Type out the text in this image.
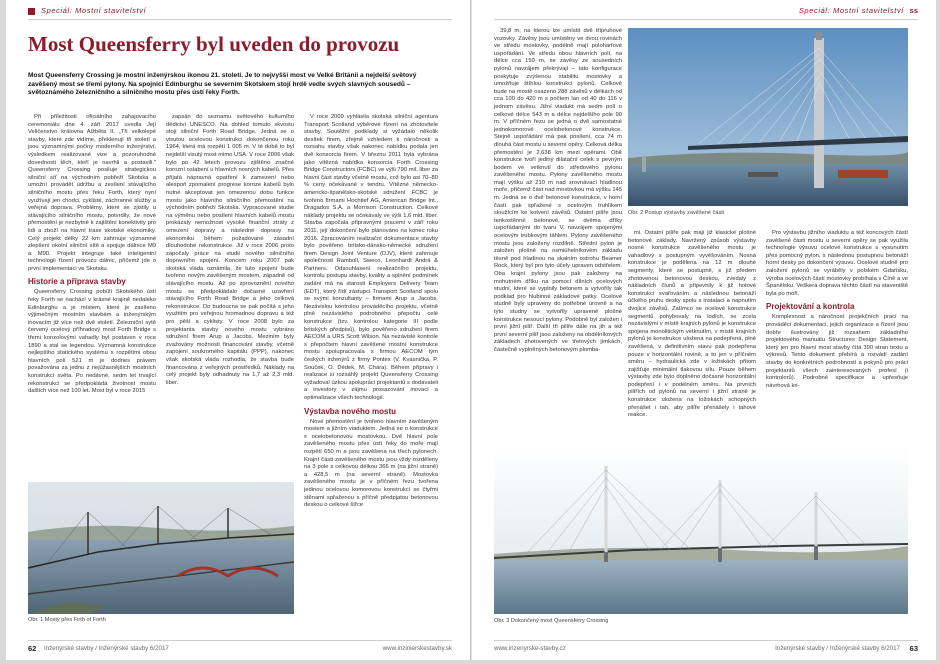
Speciál: Mostní stavitelství
Most Queensferry byl uveden do provozu
Most Queensferry Crossing je mostní inženýrskou ikonou 21. století. Je to nejvyšší most ve Velké Británii a nejdelší světový zavěšený most se třemi pylony. Na spojnici Edinburghu se severním Skotskem stojí hrdě vedle svých slavných sousedů – světoznámého železničního a silničního mostu přes ústí řeky Forth.

Při příležitosti oficiálního zahajovacího ceremoniálu dne 4. září 2017 uvedla Její Veličenstvo královna Alžběta II. „Tři velkolepé stavby, které zde vidíme, překlenují tři století a jsou významnými počiny moderního inženýrství, výsledkem realizované vize a pozoruhodné dovednosti těch, kteří je navrhli a postavili." Queensferry Crossing posiluje strategickou silniční síť na východním pobřeží Skotska a umožní provádět údržbu a zesílení stávajícího silničního mostu přes řeku Forth, který nyní využívají jen chodci, cyklisté, záchranné služby a veřejná doprava. Problémy, které se zjistily u stávajícího silničního mostu, potvrdily, že nové přemostění je nezbytné k zajištění konektivity pro lidi a zboží na hlavní trase skotské ekonomiky. Celý projekt délky 22 km zahrnuje významné zlepšení okolní silniční sítě a spojuje dálnice M9 a M90. Projekt integruje také inteligentní technologii řízení provozu dálnic, přičemž jde o první implementaci ve Skotsku.

Historie a příprava stavby

Queensferry Crossing pobíží Skotského ústí řeky Forth se nachází v krásné krajině nedaleko Edinburghu a je místem, které je zasíleno výjimečným mostním stavbám a inženýrským inovacím již více než dvě století. Železniční sytě červený ocelový příhradový most Forth Bridge s třemi konzolovými vahadly byl postaven v roce 1890 a stal se legendou. Významná konstrukce nejlepšího statického systému s rozpětími obou hlavních polí 521 m je dodnes právem považována za jednu z nejúžasnějších mostních konstrukcí světa. Po nedávné, sedm let trvající rekonstrukci se předpokládá životnost mostu dalších více než 100 let. Most byl v roce 2015

zapsán do seznamu světového kulturního dědictví UNESCO. Na dohled tomuto skvostu stojí silniční Forth Road Bridge. Jedná se o visutou ocelovou konstrukci dokončenou roku 1964, která má rozpětí 1 005 m. V té době to byl nejdelší visutý most mimo USA. V roce 2006 však bylo po 42 letech provozu zjištěno značné korozní oslabení u hlavních nosných kabelů. Přes přijatá nápravná opatření k zamezení nebo alespoň zpomalení progrese koroze kabelů bylo nutné akceptovat jen omezenou dobu funkce mostu jako hlavního silničního přemostění na východním pobřeží Skotska. Vypracované studie na výměnu nebo posílení hlavních kabelů mostu prokázaly nemožnost vysoké finanční ztráty z omezení dopravy a následné dopravy na ekonomiku během požadované zásadní dlouhodobé rekonstrukce. Již v roce 2006 proto započaly práce na studii nového silničního dopravního spojení. Koncem roku 2007 pak skotská vláda oznámila, že tuto spojení bude tvořeno novým zavěšeným mostem, západně od stávajícího mostu. Až po zprovoznění nového mostu se předpokládalo dočasné uzavření stávajícího Forth Road Bridge a jeho celková rekonstrukce. Do budoucna se pak počítá s jeho využitím pro veřejnou hromadnou dopravu a též pro pěší a cyklisty. V roce 2008 bylo za projektanta stavby nového mostu vybráno sdružení firem Arup a Jacobs. Meziním byly zvažovány možnosti financování stavby, včetně zapojení soukromého kapitálu (PPP), nakonec však skotská vláda rozhodla, že stavba bude financována z veřejných prostředků. Náklady na celý projekt byly odhadnuty na 1,7 až 2,3 mld. liber.

V roce 2009 vyhlásila skotská silniční agentura Transport Scotland výběrové řízení na zhotovitele stavby. Soutěžní podklady si vyžádalo několik desítek firem, zřejmě vzhledem k náročnosti a rozsahu stavby však nakonec nabídku podala jen dvě konsorcia firem. V březnu 2011 byla vybrána jako vítězná nabídka konsorcia Forth Crossing Bridge Constructors (FCBC) ve výši 790 mil. liber za hlavní část stavby včetně mostu, což bylo asi 70–80 % ceny očekávané v tendru. Vítězné německo-americko-španělsko-skotské sdružení FCBC je tvořeno firmami Hochtief AG, American Bridge Int., Dragados S.A. a Morrison Construction. Celkové náklady projektu se očekávaly ve výši 1,6 mld. liber. Stavba započala připravnými pracemi v září roku 2011, její dokončení bylo plánováno na konec roku 2016. Zpracováním realizační dokumentace stavby bylo pověřeno britsko-dánsko-německé sdružení firem Design Joint Venture (DJV), které zahrnuje společnosti Ramboll, Sweco, Leonhardt Andrä & Partners. Odsouhlasení realizačního projektu, kontrolu postupu stavby, kvality a splnění podmínek zadání má na starosti Employers Delivery Team (EDT), který řídí zástupci Transport Scotland spolu se svými konzultanty – firmami Arup a Jacobs. Nezávislou kontrolou prováděcího projektu, včetně plně nezávislého podrobného přepočtu celé konstrukce (tzv. kontrolou kategorie III podle britských předpisů), bylo pověřeno sdružení firem AECOM a URS Scott Wilson. Na nezávislé kontrole s přepočtem hlavní zavěšené mostní konstrukce mostu spolupracovala s firmou AECOM tým českých inženýrů z firmy Pontex (V. Kvasnička, P. Souček, O. Dědek, M. Chára). Během přípravy i realizace si rozsáhlý projekt Queensferry Crossing vyžadoval úzkou spolupráci projektantů s dodavateli a investory v zájmu prosazování inovací a optimalizace všech technologií.

Výstavba nového mostu

Nové přemostění je tvořeno hlavním zavěšeným mostem a jižním viaduktem. Jedná se o konstrukce s ocelobetonovou mostovkou. Dvě hlavní pole zavěšeného mostu přes ústí řeky do moře mají rozpětí 650 m a jsou zavěšena na třech pylonech. Krajní části zavěšeného mostu jsou vždy rozděleny na 3 pole s celkovou délkou 366 m (na jižní straně) a 428,5 m (na severní straně). Mostovka zavěšeného mostu je v příčném řezu tvořena jedinou ocelovou komorovou konstrukcí se čtyřmi stěnami spřaženou s příčně předpjatou betonovou deskou o celkové šířce

Obr. 1 Mosty přes Firth of Forth
62 Inženýrské stavby / Inženýrské stavby 6/2017	www.inzinierskestavby.sk
Speciál: Mostní stavitelství ss

39,8 m, na kterou lze umístit dvě třípruhové vozovky. Závěsy jsou umístěny ve dvou rovinách ve středu mostovky, podélně mají poloharfové uspořádání. Ve středu obou hlavních polí, na délce cca 150 m, se závěsy ze sousedních pylonů navzájem překrývají – tato konfigurace poskytuje zvýšenou stabilitu mostovky a umožňuje štíhlou konstrukci pylonů. Celkově bude na mostě osazeno 288 závěsů v délkách od cca 100 do 420 m s počtem lan od 40 do 116 v jednom závěsu. Jižní viadukt má sedm polí o celkové délce 543 m a délce nejdelšího pole 90 m. V příčném řezu se jedná o dvě samostatné jednokomorové ocelobetonové konstrukce. Stejně uspořádání má pak posílení, cca 74 m dlouhá část mostu u severní opěry. Celková délka přemostění je 2,638 km mezi opěrami. Obě konstrukce tvoří jediný dilatační celek s pevným bodem ve vetknutí do středového pylonu zavěšeného mostu. Pylony zavěšeného mostu mají výšku až 210 m nad srovnávací hladinou moře, přičemž část nad mostovkou má výšku 145 m. Jedná se o dvě betonové konstrukce, v horní části pak spřažené s ocelovým truhlíkem sloužícím ke kotvení závěsů. Ostatní pilíře jsou tenkostěnné betonové, se dvěma dříky uspořádanými do tvaru V, navzájem spojenými ocelovým trubkovým táhlem. Pylony zavěšeného mostu jsou založeny rozdílně. Střední pylon je založen plošně na osmiúhelníkovém základu těsně pod hladinou na skalním ostrohu Beamer Rock, který byl pro tyto účely upraven odstřelem. Oba krajní pylony jsou pak založeny na mohutném dříku na pomocí dílních ocelových studní, které se vyplnily betonem a vytvořily tak podklad pro hlubinné základové patky. Ocelové studně byly upraveny do potřebné úrovně a na tyto studny se vytvořily upravené plošné konstrukce nesoucí pylony. Podobně byl založen i první jižní pilíř. Další tři pilíře dále na jih a též první severní pilíř jsou založeny na obdélníkových základech zhotovených ve třetových jímkách, částečně vyplněných betonovým plomba-

mi. Ostatní pilíře pak mají již klasické plošné betonové základy. Navržený způsob výstavby nosné konstrukce zavěšeného mostu je vahadlový s postupným vyvěšováním. Nosná konstrukce je podělena na 12 m dlouhé segmenty, které se postupně, s již předem zhotovenou betonovou deskou, zvedaly z nákladních člunů a připevnily k již hotové konstrukci svařováním a následnou betonáží účkého pruhu desky spolu s instalací a napnutím dvojice závěsů. Zatímco se ocelové konstrukce segmentů pohybovaly na lodích, se zcela nezávislými v místě krajních pylonů je konstrukce spojena monolitickým vetknutím, v místě krajních pylonů je konstrukce uložena na podepřená, plně zavěšená, v definitivním stavu pak podepřena pouze v horizontální rovině, a to jen v příčném směru – hydraulická zde v ložiskách přitom zajišťuje minimální tlakovou sílu. Pouze během výstavby zde bylo doplněno dočasné horizontální podepření i v podélném směru. Na prvních pilířích od pylonů na severní i jižní straně je konstrukce uložena na ložiskách schopných přenášet i tah, aby pilíře přenášely i tahové reakce.

Pro výstavbu jižního viaduktu a též koncových částí zavěšené části mostu u severní opěry se pak využila technologie výsuvu ocelové konstrukce s vysunutím přes pomocný pylon, s následnou postupnou betonáží horní desky po dokončení výsuvu. Ocelové studně pro založení pylonů se vyráběly v polském Gdańsku, výroba ocelových částí mostovky probíhala v Číně a ve Španělsku. Veškerá doprava těchto částí na staveniště byla po moři.

Projektování a kontrola

Komplexnost a náročnost projekčních prací na prováděcí dokumentaci, jejich organizace a řízení jsou dobře ilustrovány již rozsahem základního projektového manuálu Structures Design Statement, který jen pro hlavní most stavby čítá 390 stran textu a výkresů. Tento dokument přebírá a rozvádí zadání stavby do konkrétních podrobností a pokynů pro práci projektantů všech zainteresovaných profesí (i kontrolorů). Podrobné specifikace a upřesňuje návrhová kri-

Obr. 2 Postup výstavby zavěšené části
Obr. 3 Dokončený most Queensferry Crossing
www.inzenyrske-stavby.cz	Inženýrské stavby / Inženýrské stavby 6/2017 63
